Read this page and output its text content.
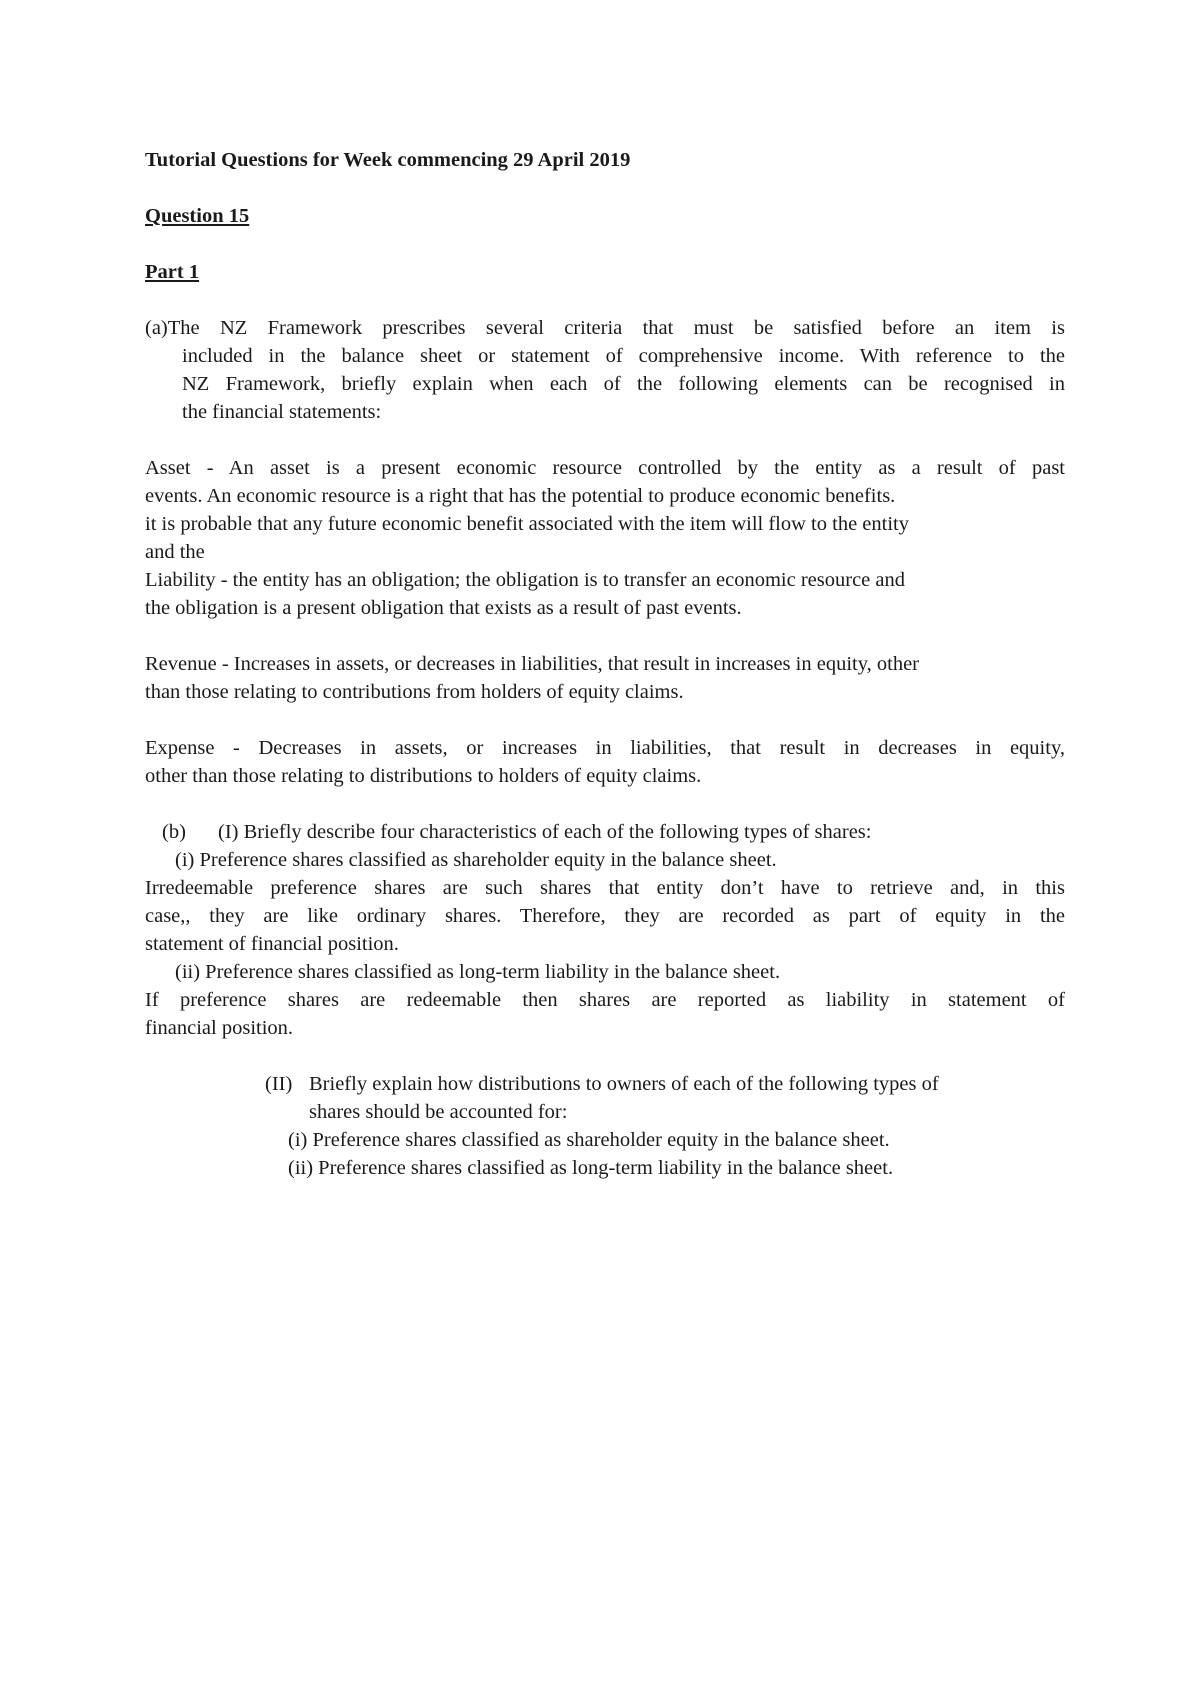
Tutorial Questions for Week commencing 29 April 2019
Question 15
Part 1
(a)The NZ Framework prescribes several criteria that must be satisfied before an item is
included in the balance sheet or statement of comprehensive income. With reference to the
NZ Framework, briefly explain when each of the following elements can be recognised in
the financial statements:
Asset - An asset is a present economic resource controlled by the entity as a result of past
events. An economic resource is a right that has the potential to produce economic benefits.
it is probable that any future economic benefit associated with the item will flow to the entity
and the
Liability - the entity has an obligation; the obligation is to transfer an economic resource and
the obligation is a present obligation that exists as a result of past events.
Revenue - Increases in assets, or decreases in liabilities, that result in increases in equity, other
than those relating to contributions from holders of equity claims.
Expense - Decreases in assets, or increases in liabilities, that result in decreases in equity,
other than those relating to distributions to holders of equity claims.
(b) (I) Briefly describe four characteristics of each of the following types of shares:
(i) Preference shares classified as shareholder equity in the balance sheet.
Irredeemable preference shares are such shares that entity don’t have to retrieve and, in this
case,, they are like ordinary shares. Therefore, they are recorded as part of equity in the
statement of financial position.
(ii) Preference shares classified as long-term liability in the balance sheet.
If preference shares are redeemable then shares are reported as liability in statement of
financial position.
(II) Briefly explain how distributions to owners of each of the following types of
shares should be accounted for:
(i) Preference shares classified as shareholder equity in the balance sheet.
(ii) Preference shares classified as long-term liability in the balance sheet.
